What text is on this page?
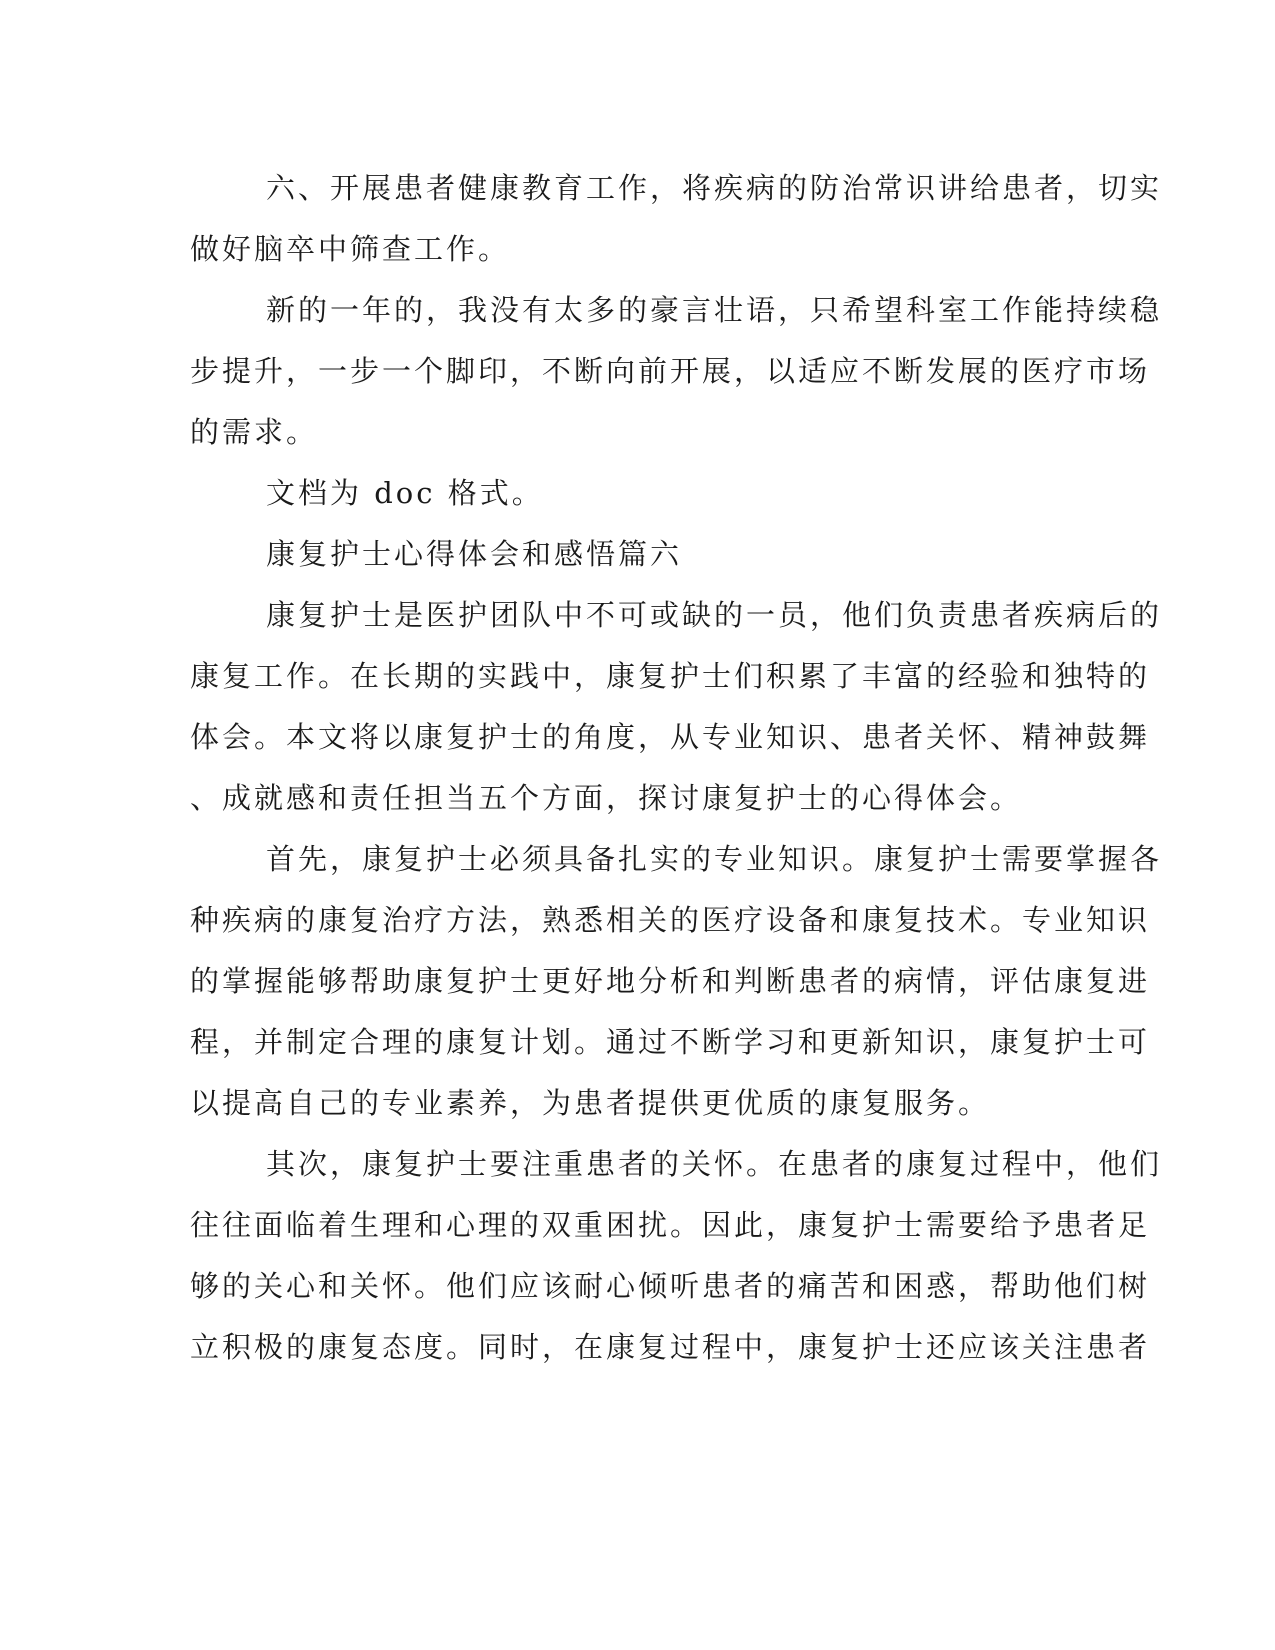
六、开展患者健康教育工作，将疾病的防治常识讲给患者，切实
做好脑卒中筛查工作。
新的一年的，我没有太多的豪言壮语，只希望科室工作能持续稳
步提升，一步一个脚印，不断向前开展，以适应不断发展的医疗市场
的需求。
文档为 doc 格式。
康复护士心得体会和感悟篇六
康复护士是医护团队中不可或缺的一员，他们负责患者疾病后的
康复工作。在长期的实践中，康复护士们积累了丰富的经验和独特的
体会。本文将以康复护士的角度，从专业知识、患者关怀、精神鼓舞
、成就感和责任担当五个方面，探讨康复护士的心得体会。
首先，康复护士必须具备扎实的专业知识。康复护士需要掌握各
种疾病的康复治疗方法，熟悉相关的医疗设备和康复技术。专业知识
的掌握能够帮助康复护士更好地分析和判断患者的病情，评估康复进
程，并制定合理的康复计划。通过不断学习和更新知识，康复护士可
以提高自己的专业素养，为患者提供更优质的康复服务。
其次，康复护士要注重患者的关怀。在患者的康复过程中，他们
往往面临着生理和心理的双重困扰。因此，康复护士需要给予患者足
够的关心和关怀。他们应该耐心倾听患者的痛苦和困惑，帮助他们树
立积极的康复态度。同时，在康复过程中，康复护士还应该关注患者
